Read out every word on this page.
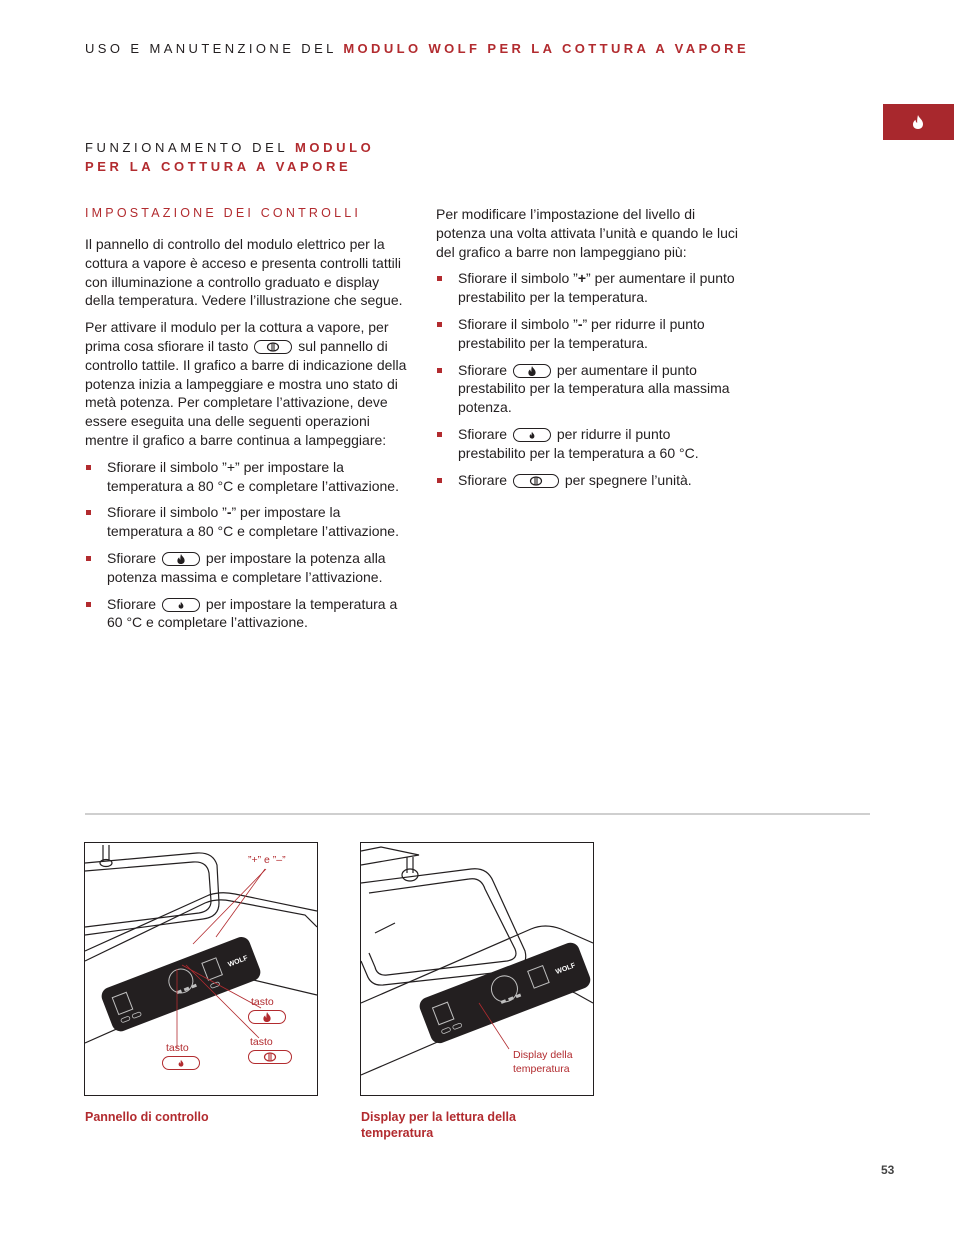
USO E MANUTENZIONE DEL MODULO WOLF PER LA COTTURA A VAPORE
FUNZIONAMENTO DEL MODULO
PER LA COTTURA A VAPORE
IMPOSTAZIONE DEI CONTROLLI

Il pannello di controllo del modulo elettrico per la cottura a vapore è acceso e presenta controlli tattili con illuminazione a controllo graduato e display della temperatura. Vedere l’illustrazione che segue.

Per attivare il modulo per la cottura a vapore, per prima cosa sfiorare il tasto	sul pannello di controllo tattile. Il grafico a barre di indicazione della potenza inizia a lampeggiare e mostra uno stato di metà potenza. Per completare l’attivazione, deve essere eseguita una delle seguenti operazioni mentre il grafico a barre continua a lampeggiare:

Sfiorare il simbolo ”+” per impostare la temperatura a 80 °C e completare l’attivazione.
Sfiorare il simbolo ”-” per impostare la temperatura a 80 °C e completare l’attivazione.
Sfiorare	per impostare la potenza alla potenza massima e completare l’attivazione.
Sfiorare	per impostare la temperatura a 60 °C e completare l’attivazione.

Per modificare l’impostazione del livello di potenza una volta attivata l’unità e quando le luci del grafico a barre non lampeggiano più:

Sfiorare il simbolo ”+” per aumentare il punto prestabilito per la temperatura.
Sfiorare il simbolo ”-” per ridurre il punto prestabilito per la temperatura.
Sfiorare	per aumentare il punto prestabilito per la temperatura alla massima potenza.
Sfiorare	per ridurre il punto prestabilito per la temperatura a 60 °C.
Sfiorare	per spegnere l’unità.
WOLF
”+” e ”–”
tasto
tasto
tasto
WOLF
Display della
temperatura
Pannello di controllo	Display per la lettura della
temperatura
53
